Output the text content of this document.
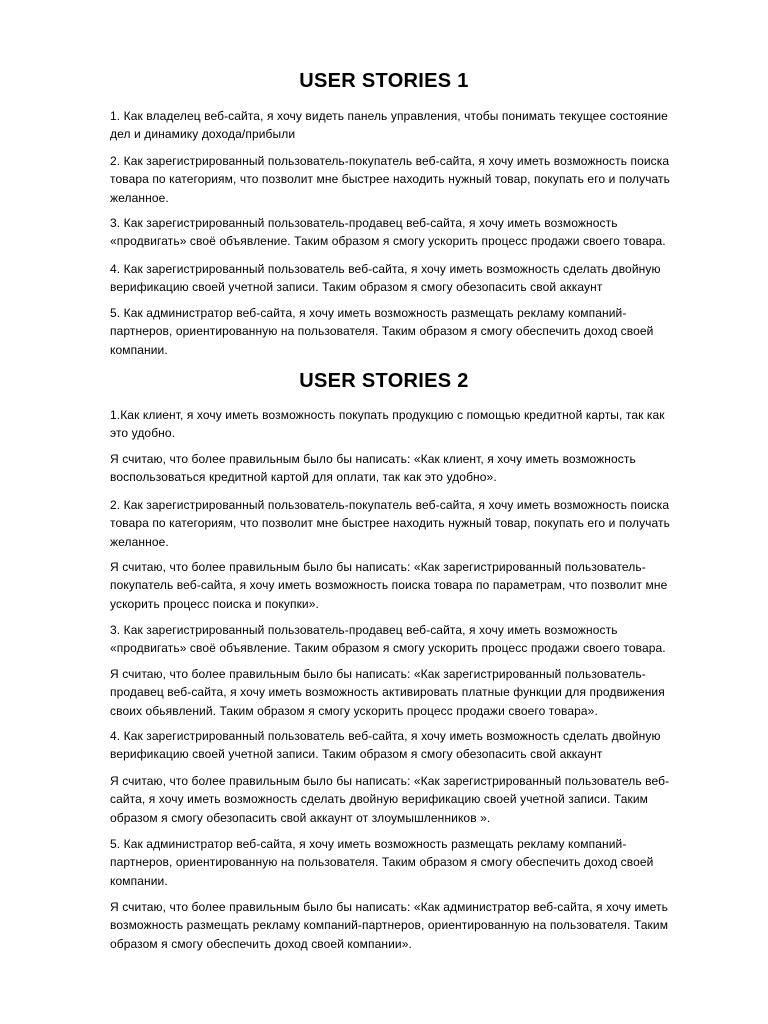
USER STORIES 1

1. Как владелец веб-сайта, я хочу видеть панель управления, чтобы понимать текущее состояние
дел и динамику дохода/прибыли

2. Как зарегистрированный пользователь-покупатель веб-сайта, я хочу иметь возможность поиска
товара по категориям, что позволит мне быстрее находить нужный товар, покупать его и получать
желанное.

3. Как зарегистрированный пользователь-продавец веб-сайта, я хочу иметь возможность
«продвигать» своё объявление. Таким образом я смогу ускорить процесс продажи своего товара.

4. Как зарегистрированный пользователь веб-сайта, я хочу иметь возможность сделать двойную
верификацию своей учетной записи. Таким образом я смогу обезопасить свой аккаунт

5. Как администратор веб-сайта, я хочу иметь возможность размещать рекламу компаний-
партнеров, ориентированную на пользователя. Таким образом я смогу обеспечить доход своей
компании.

USER STORIES 2

1.Как клиент, я хочу иметь возможность покупать продукцию с помощью кредитной карты, так как
это удобно.

Я считаю, что более правильным было бы написать: «Как клиент, я хочу иметь возможность
воспользоваться кредитной картой для оплати, так как это удобно».

2. Как зарегистрированный пользователь-покупатель веб-сайта, я хочу иметь возможность поиска
товара по категориям, что позволит мне быстрее находить нужный товар, покупать его и получать
желанное.

Я считаю, что более правильным было бы написать: «Как зарегистрированный пользователь-
покупатель веб-сайта, я хочу иметь возможность поиска товара по параметрам, что позволит мне
ускорить процесс поиска и покупки».

3. Как зарегистрированный пользователь-продавец веб-сайта, я хочу иметь возможность
«продвигать» своё объявление. Таким образом я смогу ускорить процесс продажи своего товара.

Я считаю, что более правильным было бы написать: «Как зарегистрированный пользователь-
продавец веб-сайта, я хочу иметь возможность активировать платные функции для продвижения
своих обьявлений. Таким образом я смогу ускорить процесс продажи своего товара».

4. Как зарегистрированный пользователь веб-сайта, я хочу иметь возможность сделать двойную
верификацию своей учетной записи. Таким образом я смогу обезопасить свой аккаунт

Я считаю, что более правильным было бы написать: «Как зарегистрированный пользователь веб-
сайта, я хочу иметь возможность сделать двойную верификацию своей учетной записи. Таким
образом я смогу обезопасить свой аккаунт от злоумышленников ».

5. Как администратор веб-сайта, я хочу иметь возможность размещать рекламу компаний-
партнеров, ориентированную на пользователя. Таким образом я смогу обеспечить доход своей
компании.

Я считаю, что более правильным было бы написать: «Как администратор веб-сайта, я хочу иметь
возможность размещать рекламу компаний-партнеров, ориентированную на пользователя. Таким
образом я смогу обеспечить доход своей компании».
